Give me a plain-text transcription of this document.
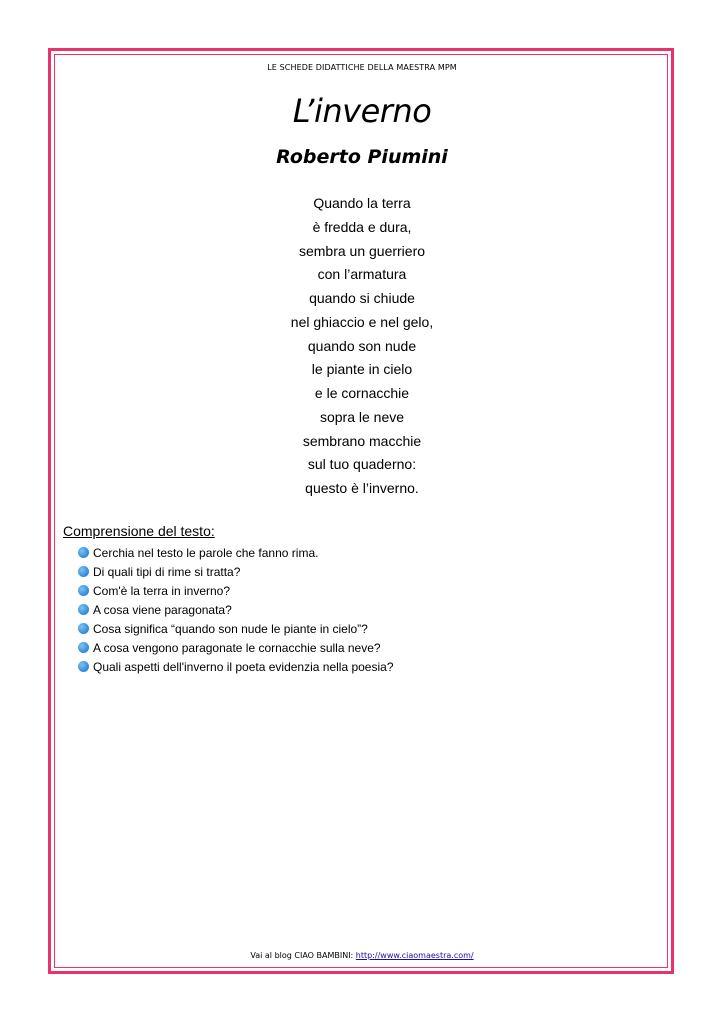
LE SCHEDE DIDATTICHE DELLA MAESTRA MPM
L’inverno
Roberto Piumini
Quando la terra
è fredda e dura,
sembra un guerriero
con l’armatura
quando si chiude
nel ghiaccio e nel gelo,
quando son nude
le piante in cielo
e le cornacchie
sopra le neve
sembrano macchie
sul tuo quaderno:
questo è l’inverno.
Comprensione del testo:
Cerchia nel testo le parole che fanno rima.
Di quali tipi di rime si tratta?
Com'è la terra in inverno?
A cosa viene paragonata?
Cosa significa “quando son nude le piante in cielo”?
A cosa vengono paragonate le cornacchie sulla neve?
Quali aspetti dell'inverno il poeta evidenzia nella poesia?
Vai al blog CIAO BAMBINI: http://www.ciaomaestra.com/
